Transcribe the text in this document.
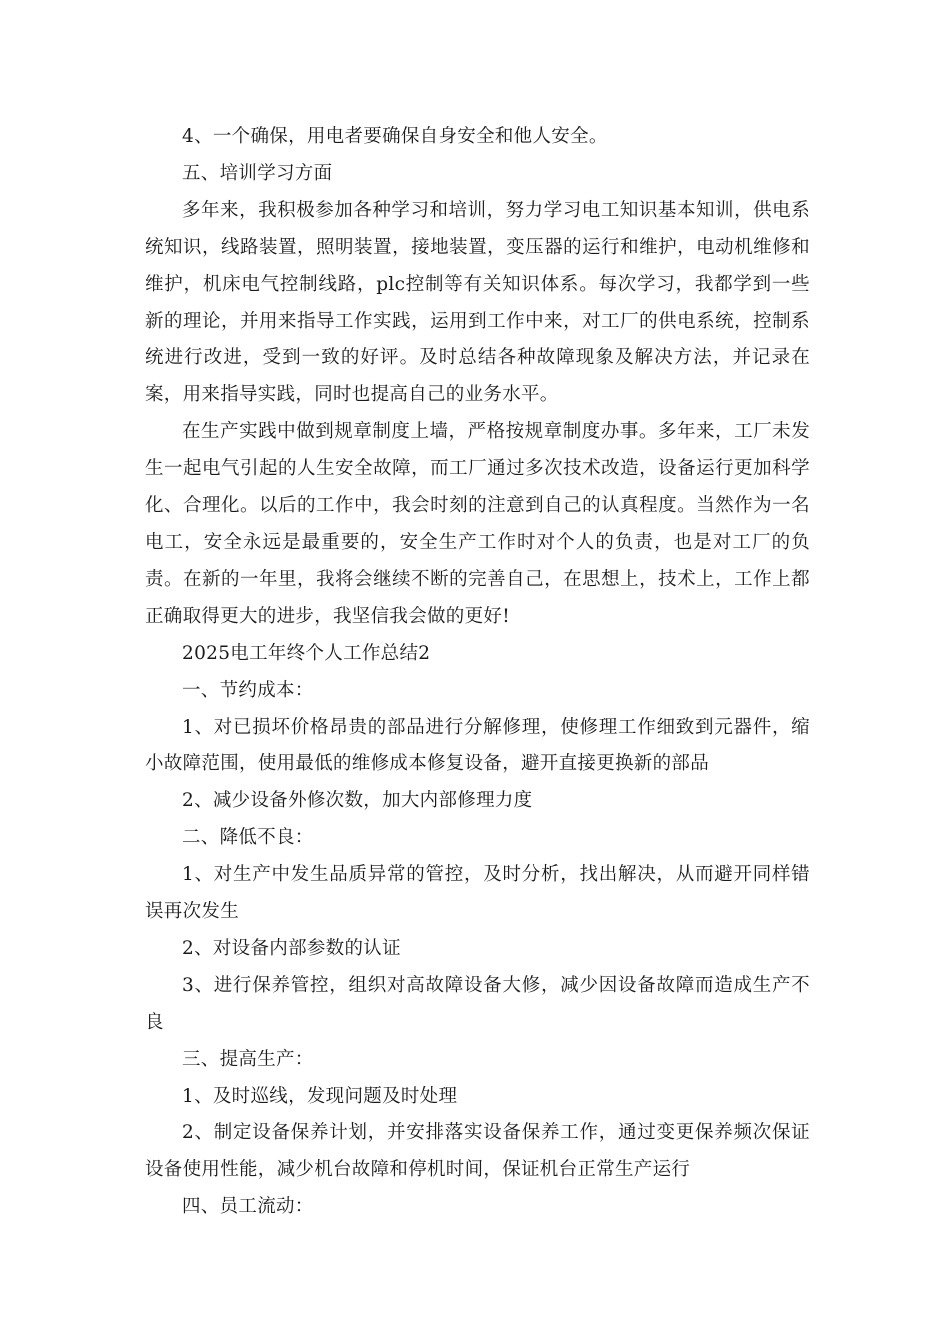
4、一个确保，用电者要确保自身安全和他人安全。

五、培训学习方面

多年来，我积极参加各种学习和培训，努力学习电工知识基本知训，供电系统知识，线路装置，照明装置，接地装置，变压器的运行和维护，电动机维修和维护，机床电气控制线路，plc控制等有关知识体系。每次学习，我都学到一些新的理论，并用来指导工作实践，运用到工作中来，对工厂的供电系统，控制系统进行改进，受到一致的好评。及时总结各种故障现象及解决方法，并记录在案，用来指导实践，同时也提高自己的业务水平。

在生产实践中做到规章制度上墙，严格按规章制度办事。多年来，工厂未发生一起电气引起的人生安全故障，而工厂通过多次技术改造，设备运行更加科学化、合理化。以后的工作中，我会时刻的注意到自己的认真程度。当然作为一名电工，安全永远是最重要的，安全生产工作时对个人的负责，也是对工厂的负责。在新的一年里，我将会继续不断的完善自己，在思想上，技术上，工作上都正确取得更大的进步，我坚信我会做的更好!

2025电工年终个人工作总结2

一、节约成本：

1、对已损坏价格昂贵的部品进行分解修理，使修理工作细致到元器件，缩小故障范围，使用最低的维修成本修复设备，避开直接更换新的部品

2、减少设备外修次数，加大内部修理力度

二、降低不良：

1、对生产中发生品质异常的管控，及时分析，找出解决，从而避开同样错误再次发生

2、对设备内部参数的认证

3、进行保养管控，组织对高故障设备大修，减少因设备故障而造成生产不良

三、提高生产：

1、及时巡线，发现问题及时处理

2、制定设备保养计划，并安排落实设备保养工作，通过变更保养频次保证设备使用性能，减少机台故障和停机时间，保证机台正常生产运行

四、员工流动：
